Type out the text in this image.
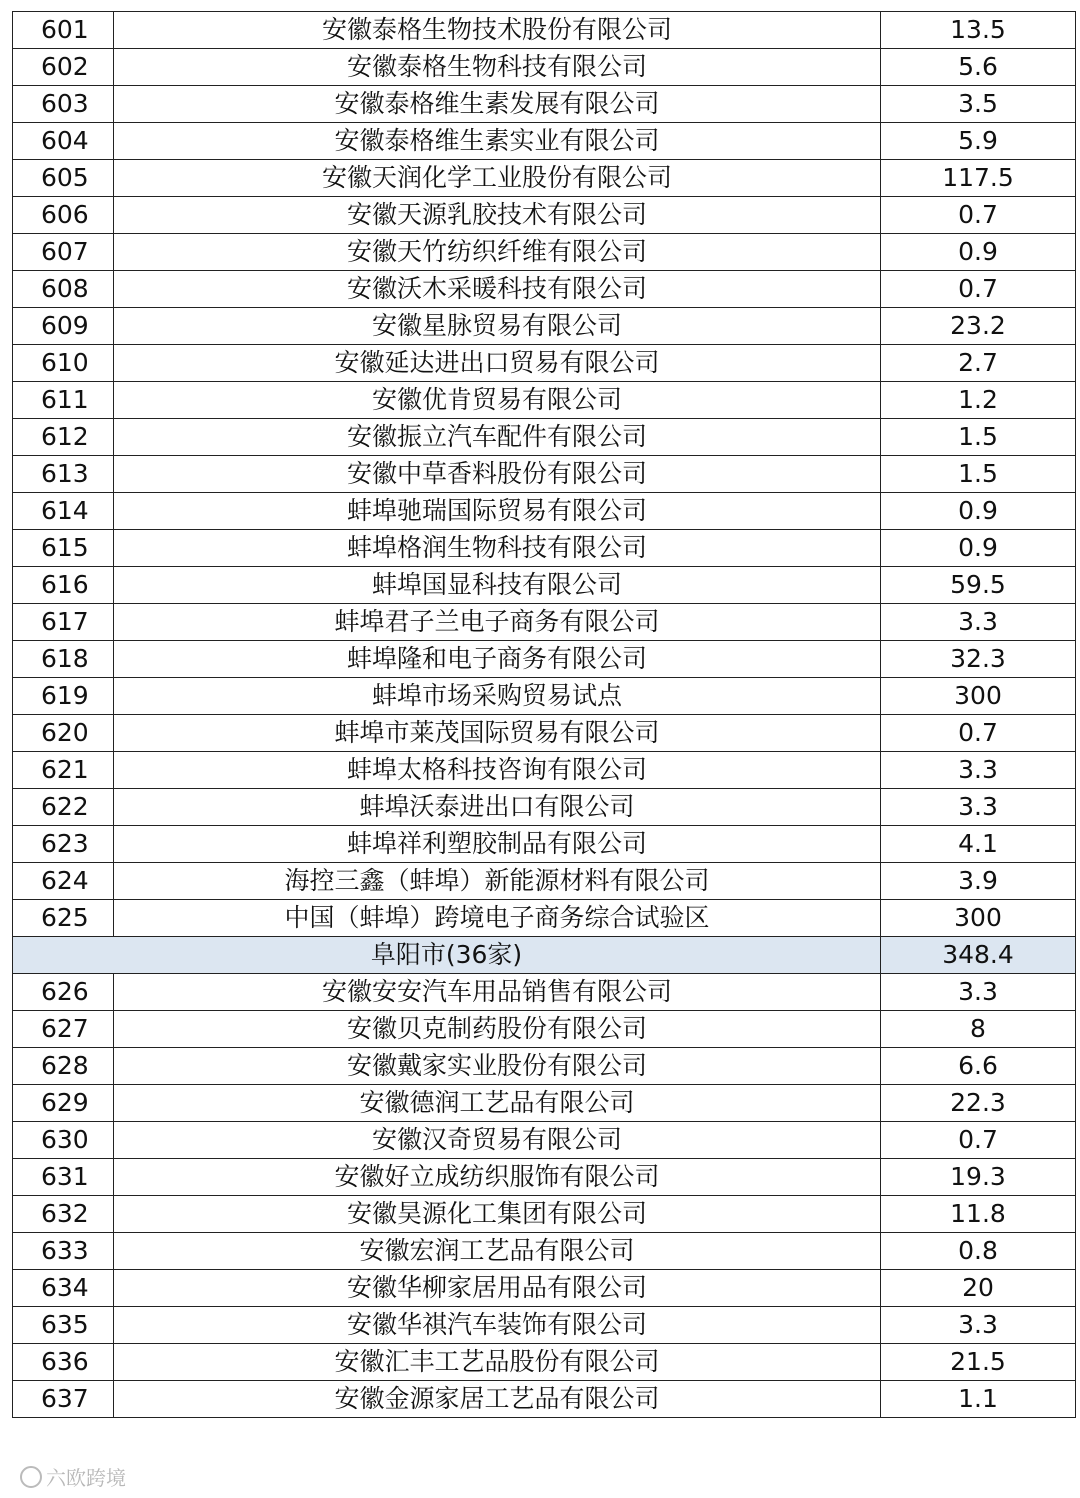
601	安徽泰格生物技术股份有限公司	13.5
602	安徽泰格生物科技有限公司	5.6
603	安徽泰格维生素发展有限公司	3.5
604	安徽泰格维生素实业有限公司	5.9
605	安徽天润化学工业股份有限公司	117.5
606	安徽天源乳胶技术有限公司	0.7
607	安徽天竹纺织纤维有限公司	0.9
608	安徽沃木采暖科技有限公司	0.7
609	安徽星脉贸易有限公司	23.2
610	安徽延达进出口贸易有限公司	2.7
611	安徽优肯贸易有限公司	1.2
612	安徽振立汽车配件有限公司	1.5
613	安徽中草香料股份有限公司	1.5
614	蚌埠驰瑞国际贸易有限公司	0.9
615	蚌埠格润生物科技有限公司	0.9
616	蚌埠国显科技有限公司	59.5
617	蚌埠君子兰电子商务有限公司	3.3
618	蚌埠隆和电子商务有限公司	32.3
619	蚌埠市场采购贸易试点	300
620	蚌埠市莱茂国际贸易有限公司	0.7
621	蚌埠太格科技咨询有限公司	3.3
622	蚌埠沃泰进出口有限公司	3.3
623	蚌埠祥利塑胶制品有限公司	4.1
624	海控三鑫（蚌埠）新能源材料有限公司	3.9
625	中国（蚌埠）跨境电子商务综合试验区	300
阜阳市(36家)		348.4
626	安徽安安汽车用品销售有限公司	3.3
627	安徽贝克制药股份有限公司	8
628	安徽戴家实业股份有限公司	6.6
629	安徽德润工艺品有限公司	22.3
630	安徽汉奇贸易有限公司	0.7
631	安徽好立成纺织服饰有限公司	19.3
632	安徽昊源化工集团有限公司	11.8
633	安徽宏润工艺品有限公司	0.8
634	安徽华柳家居用品有限公司	20
635	安徽华祺汽车装饰有限公司	3.3
636	安徽汇丰工艺品股份有限公司	21.5
637	安徽金源家居工艺品有限公司	1.1
六欧跨境
